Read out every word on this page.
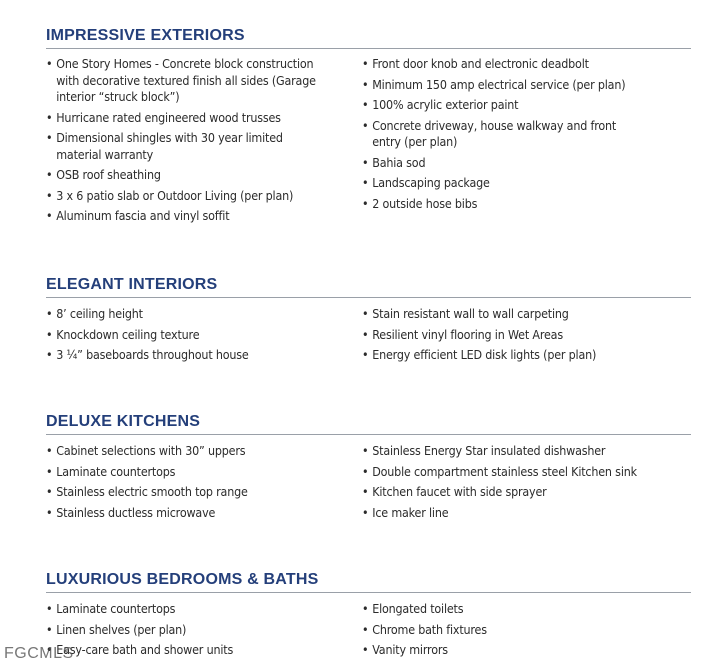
IMPRESSIVE EXTERIORS
• One Story Homes - Concrete block construction with decorative textured finish all sides (Garage interior “struck block”)
• Hurricane rated engineered wood trusses
• Dimensional shingles with 30 year limited material warranty
• OSB roof sheathing
• 3 x 6 patio slab or Outdoor Living (per plan)
• Aluminum fascia and vinyl soffit
• Front door knob and electronic deadbolt
• Minimum 150 amp electrical service (per plan)
• 100% acrylic exterior paint
• Concrete driveway, house walkway and front entry (per plan)
• Bahia sod
• Landscaping package
• 2 outside hose bibs
ELEGANT INTERIORS
• 8’ ceiling height
• Knockdown ceiling texture
• 3 ¼” baseboards throughout house
• Stain resistant wall to wall carpeting
• Resilient vinyl flooring in Wet Areas
• Energy efficient LED disk lights (per plan)
DELUXE KITCHENS
• Cabinet selections with 30” uppers
• Laminate countertops
• Stainless electric smooth top range
• Stainless ductless microwave
• Stainless Energy Star insulated dishwasher
• Double compartment stainless steel Kitchen sink
• Kitchen faucet with side sprayer
• Ice maker line
LUXURIOUS BEDROOMS & BATHS
• Laminate countertops
• Linen shelves (per plan)
• Easy-care bath and shower units
• Elongated toilets
• Chrome bath fixtures
• Vanity mirrors
FGCMLS
